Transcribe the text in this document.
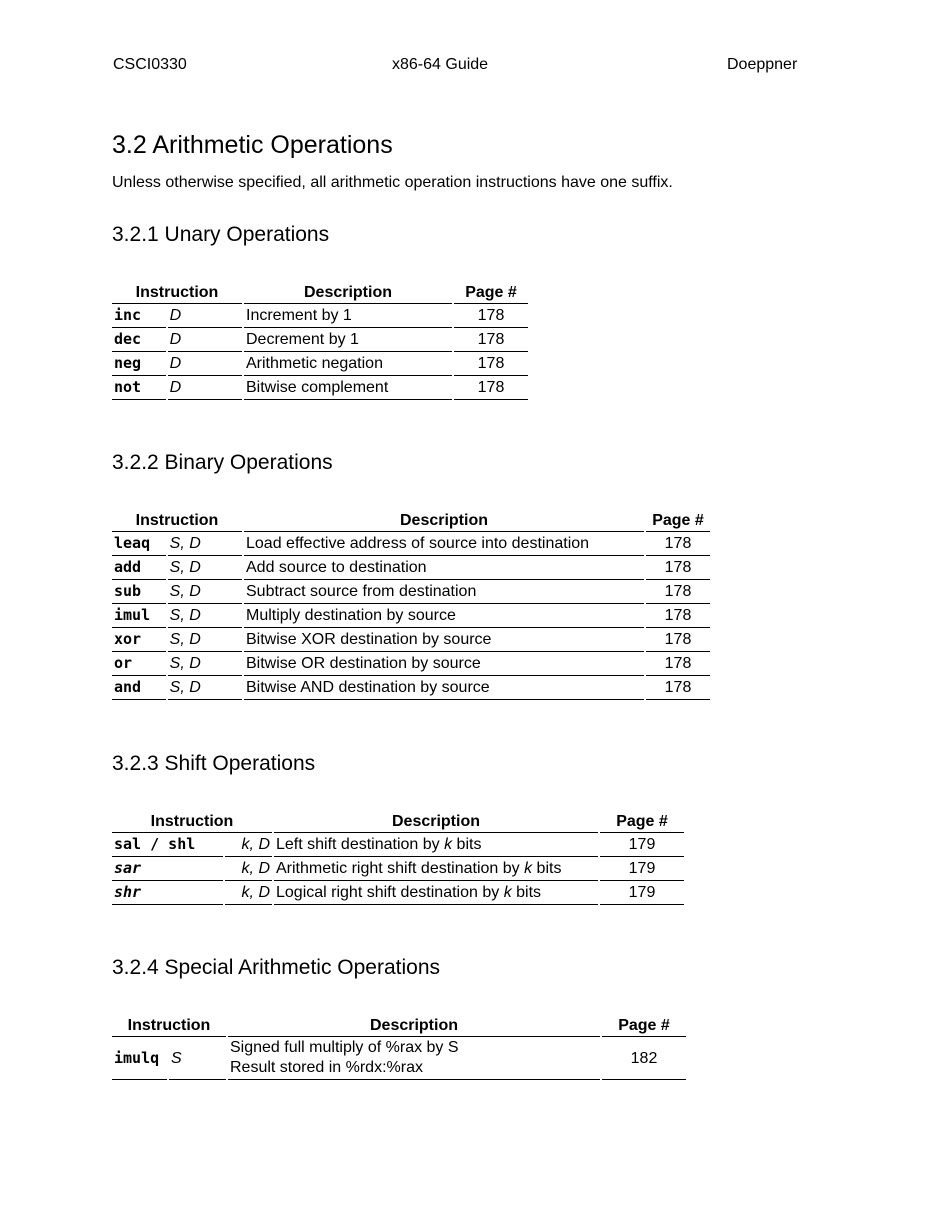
CSCI0330	x86-64 Guide	Doeppner
3.2 Arithmetic Operations

Unless otherwise specified, all arithmetic operation instructions have one suffix.

3.2.1 Unary Operations
Instruction		Description	Page #
inc	D	Increment by 1	178
dec	D	Decrement by 1	178
neg	D	Arithmetic negation	178
not	D	Bitwise complement	178
3.2.2 Binary Operations
Instruction		Description	Page #
leaq	S, D	Load effective address of source into destination	178
add	S, D	Add source to destination	178
sub	S, D	Subtract source from destination	178
imul	S, D	Multiply destination by source	178
xor	S, D	Bitwise XOR destination by source	178
or	S, D	Bitwise OR destination by source	178
and	S, D	Bitwise AND destination by source	178
3.2.3 Shift Operations
Instruction		Description	Page #
sal / shl	k, D	Left shift destination by k bits	179
sar	k, D	Arithmetic right shift destination by k bits	179
shr	k, D	Logical right shift destination by k bits	179
3.2.4 Special Arithmetic Operations
Instruction		Description	Page #
imulq	S	Signed full multiply of %rax by S
Result stored in %rdx:%rax	182
